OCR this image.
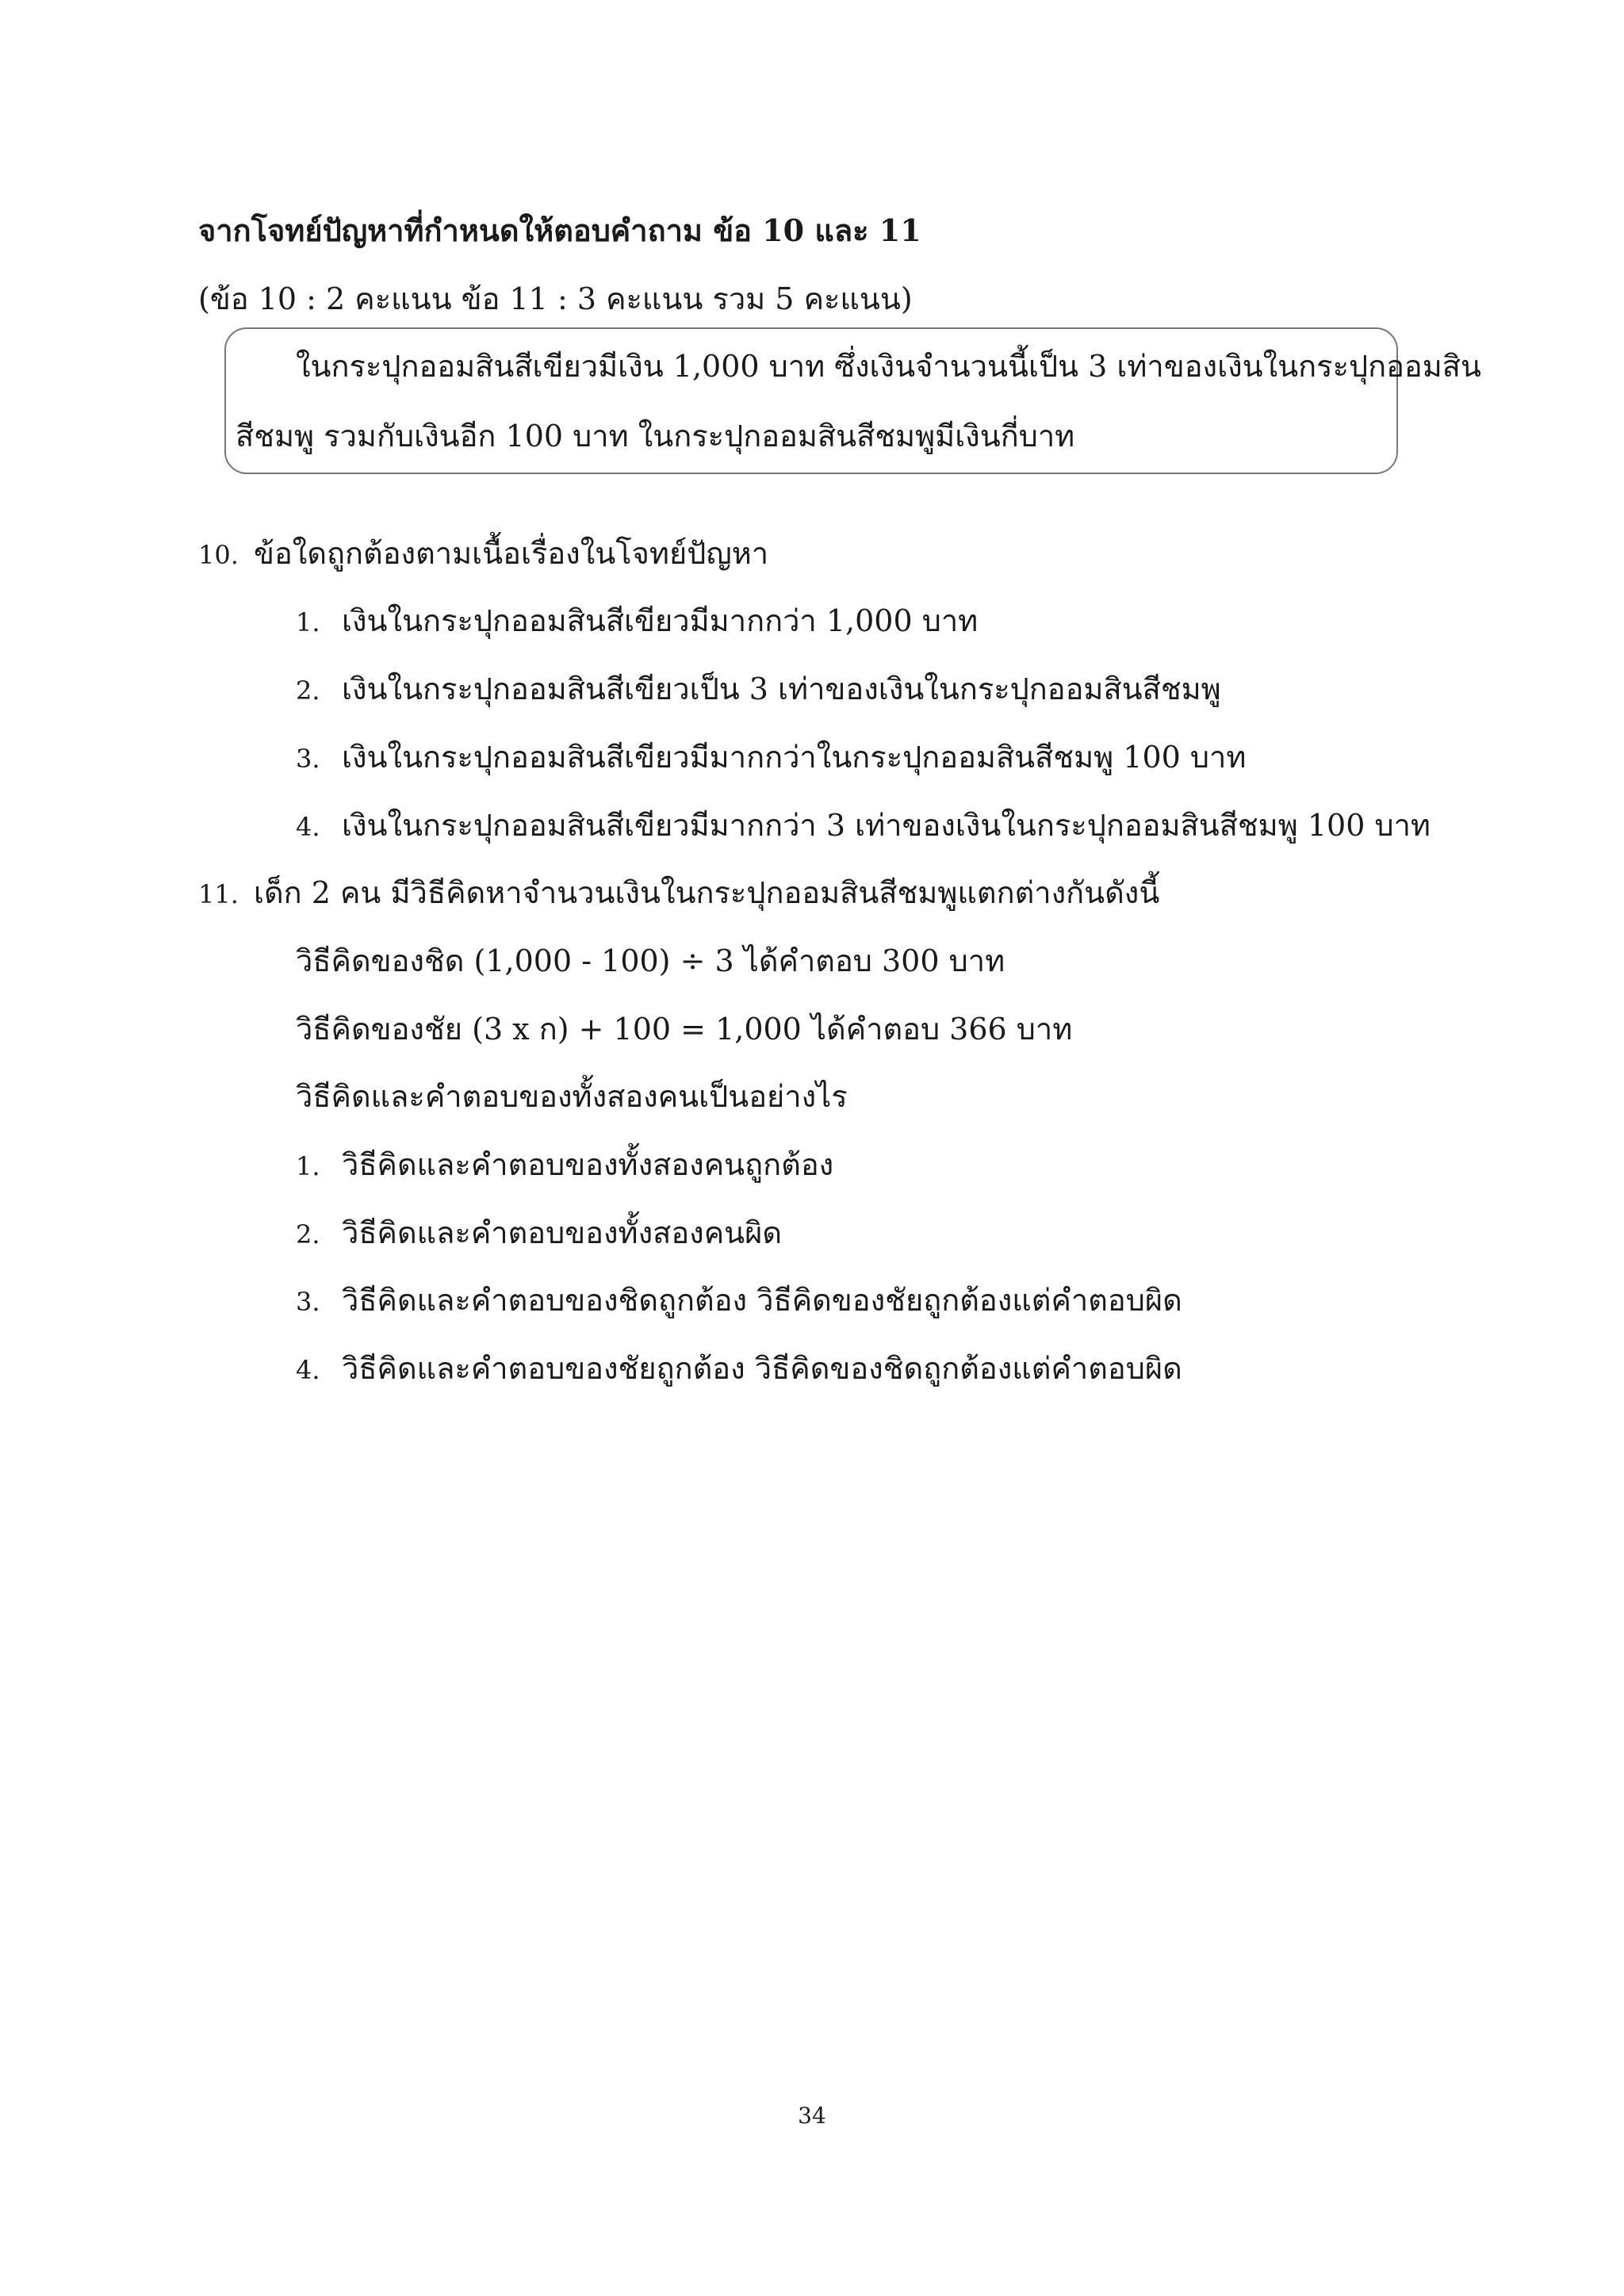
จากโจทย์ปัญหาที่กำหนดให้ตอบคำถาม ข้อ 10 และ 11
(ข้อ 10 : 2 คะแนน ข้อ 11 : 3 คะแนน รวม 5 คะแนน)
ในกระปุกออมสินสีเขียวมีเงิน 1,000 บาท ซึ่งเงินจำนวนนี้เป็น 3 เท่าของเงินในกระปุกออมสิน
สีชมพู รวมกับเงินอีก 100 บาท ในกระปุกออมสินสีชมพูมีเงินกี่บาท
10. ข้อใดถูกต้องตามเนื้อเรื่องในโจทย์ปัญหา
1. เงินในกระปุกออมสินสีเขียวมีมากกว่า 1,000 บาท
2. เงินในกระปุกออมสินสีเขียวเป็น 3 เท่าของเงินในกระปุกออมสินสีชมพู
3. เงินในกระปุกออมสินสีเขียวมีมากกว่าในกระปุกออมสินสีชมพู 100 บาท
4. เงินในกระปุกออมสินสีเขียวมีมากกว่า 3 เท่าของเงินในกระปุกออมสินสีชมพู 100 บาท
11. เด็ก 2 คน มีวิธีคิดหาจำนวนเงินในกระปุกออมสินสีชมพูแตกต่างกันดังนี้
วิธีคิดของชิด (1,000 - 100) ÷ 3 ได้คำตอบ 300 บาท
วิธีคิดของชัย (3 x ก) + 100 = 1,000 ได้คำตอบ 366 บาท
วิธีคิดและคำตอบของทั้งสองคนเป็นอย่างไร
1. วิธีคิดและคำตอบของทั้งสองคนถูกต้อง
2. วิธีคิดและคำตอบของทั้งสองคนผิด
3. วิธีคิดและคำตอบของชิดถูกต้อง วิธีคิดของชัยถูกต้องแต่คำตอบผิด
4. วิธีคิดและคำตอบของชัยถูกต้อง วิธีคิดของชิดถูกต้องแต่คำตอบผิด
34
